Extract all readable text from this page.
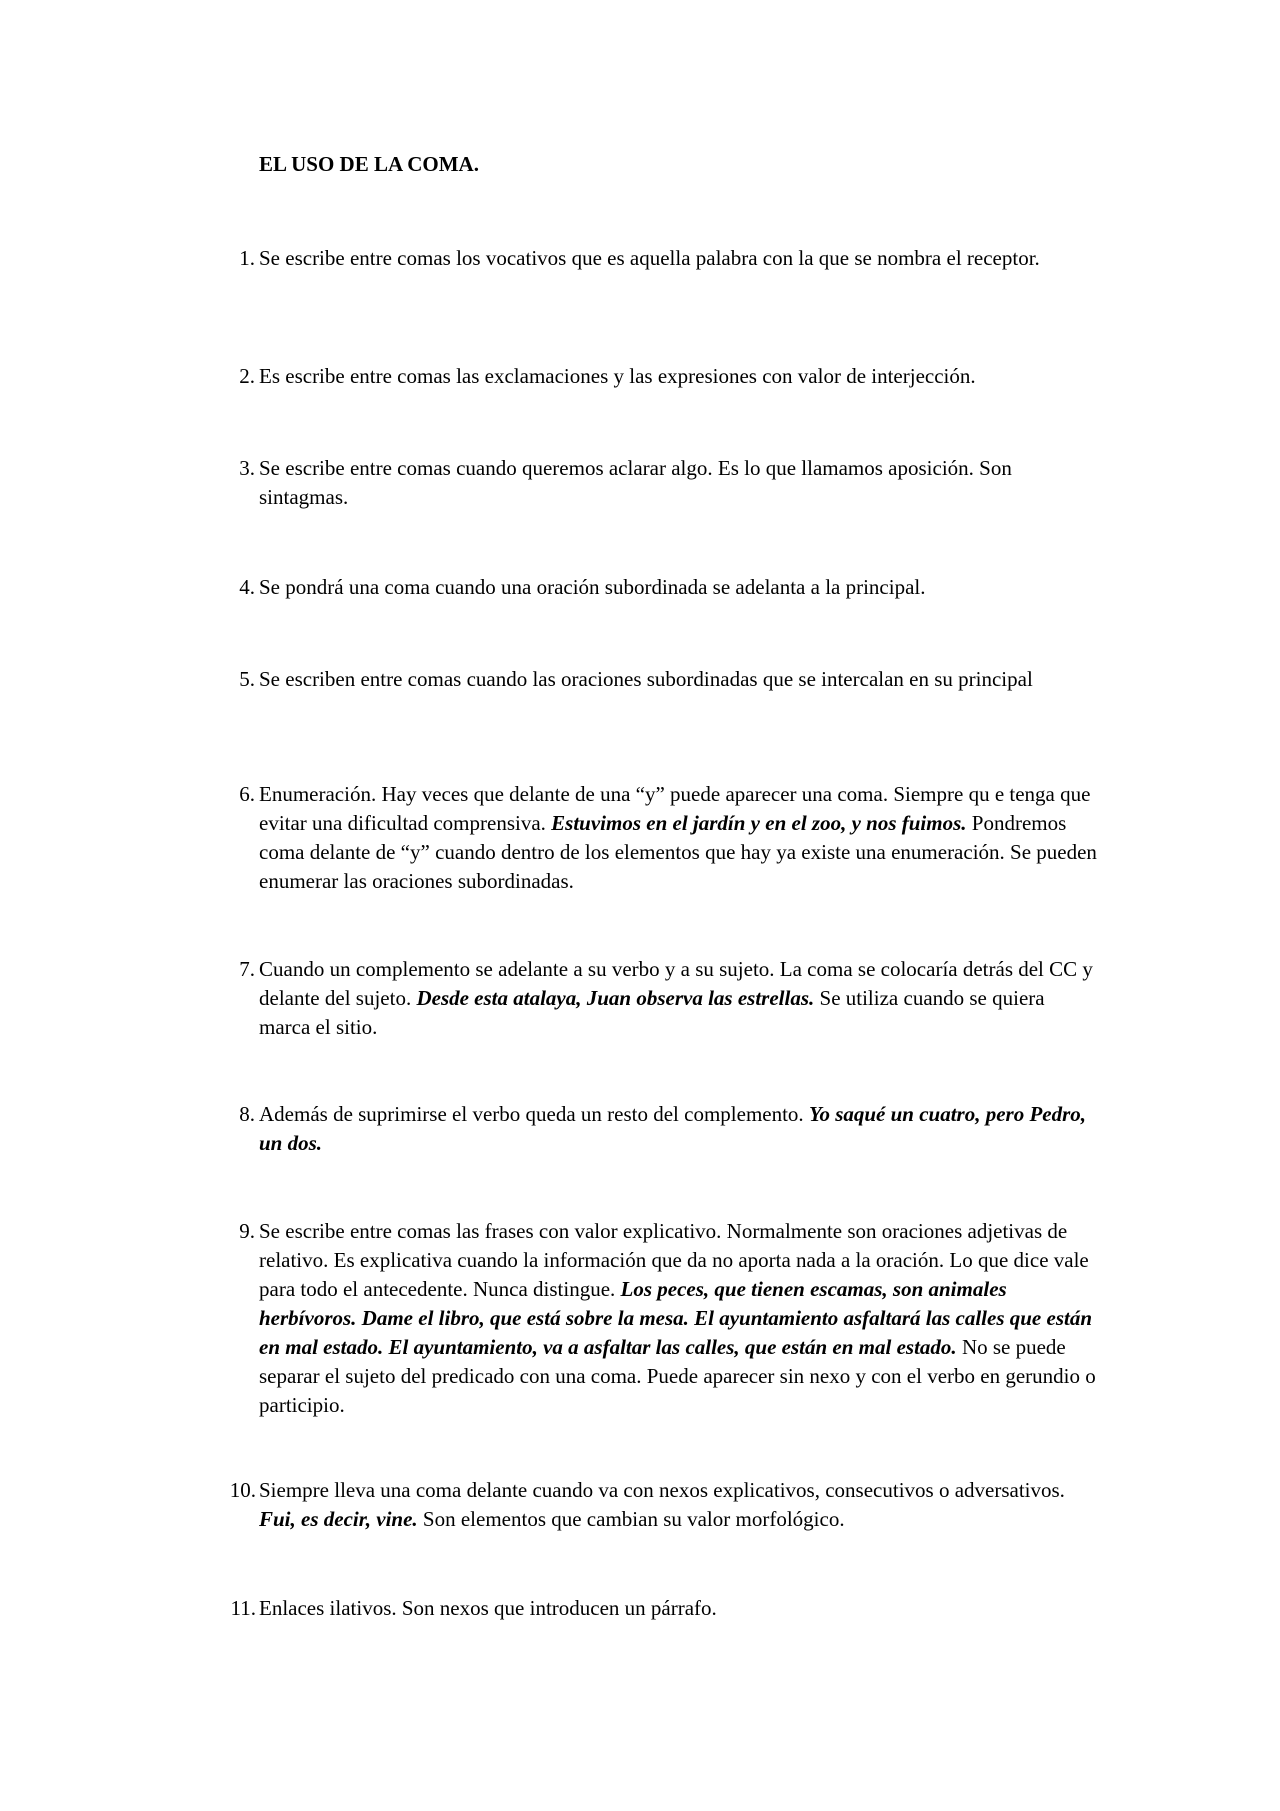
EL USO DE LA COMA.
1. Se escribe entre comas los vocativos que es aquella palabra con la que se nombra el receptor.
2. Es escribe entre comas las exclamaciones y las expresiones con valor de interjección.
3. Se escribe entre comas cuando queremos aclarar algo. Es lo que llamamos aposición. Son sintagmas.
4. Se pondrá una coma cuando una oración subordinada se adelanta a la principal.
5. Se escriben entre comas cuando las oraciones subordinadas que se intercalan en su principal
6. Enumeración. Hay veces que delante de una “y” puede aparecer una coma. Siempre qu e tenga que evitar una dificultad comprensiva. Estuvimos en el jardín y en el zoo, y nos fuimos. Pondremos coma delante de “y” cuando dentro de los elementos que hay ya existe una enumeración. Se pueden enumerar las oraciones subordinadas.
7. Cuando un complemento se adelante a su verbo y a su sujeto. La coma se colocaría detrás del CC y delante del sujeto. Desde esta atalaya, Juan observa las estrellas. Se utiliza cuando se quiera marca el sitio.
8. Además de suprimirse el verbo queda un resto del complemento. Yo saqué un cuatro, pero Pedro, un dos.
9. Se escribe entre comas las frases con valor explicativo. Normalmente son oraciones adjetivas de relativo. Es explicativa cuando la información que da no aporta nada a la oración. Lo que dice vale para todo el antecedente. Nunca distingue. Los peces, que tienen escamas, son animales herbívoros. Dame el libro, que está sobre la mesa. El ayuntamiento asfaltará las calles que están en mal estado. El ayuntamiento, va a asfaltar las calles, que están en mal estado. No se puede separar el sujeto del predicado con una coma. Puede aparecer sin nexo y con el verbo en gerundio o participio.
10. Siempre lleva una coma delante cuando va con nexos explicativos, consecutivos o adversativos. Fui, es decir, vine. Son elementos que cambian su valor morfológico.
11. Enlaces ilativos. Son nexos que introducen un párrafo.
